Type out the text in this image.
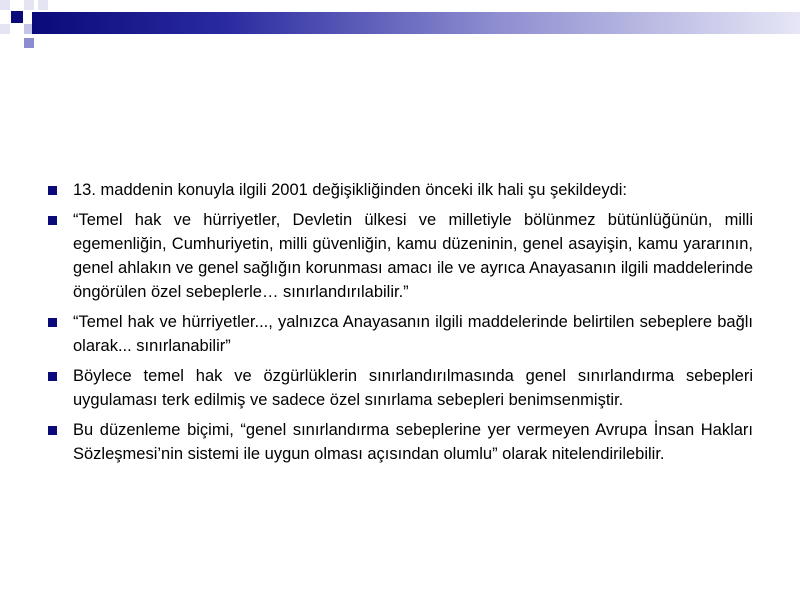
13. maddenin konuyla ilgili 2001 değişikliğinden önceki ilk hali şu şekildeydi:
“Temel hak ve hürriyetler, Devletin ülkesi ve milletiyle bölünmez bütünlüğünün, milli egemenliğin, Cumhuriyetin, milli güvenliğin, kamu düzeninin, genel asayişin, kamu yararının, genel ahlakın ve genel sağlığın korunması amacı ile ve ayrıca Anayasanın ilgili maddelerinde öngörülen özel sebeplerle… sınırlandırılabilir.”
“Temel hak ve hürriyetler..., yalnızca Anayasanın ilgili maddelerinde belirtilen sebeplere bağlı olarak... sınırlanabilir”
Böylece temel hak ve özgürlüklerin sınırlandırılmasında genel sınırlandırma sebepleri uygulaması terk edilmiş ve sadece özel sınırlama sebepleri benimsenmiştir.
Bu düzenleme biçimi, “genel sınırlandırma sebeplerine yer vermeyen Avrupa İnsan Hakları Sözleşmesi’nin sistemi ile uygun olması açısından olumlu” olarak nitelendirilebilir.
